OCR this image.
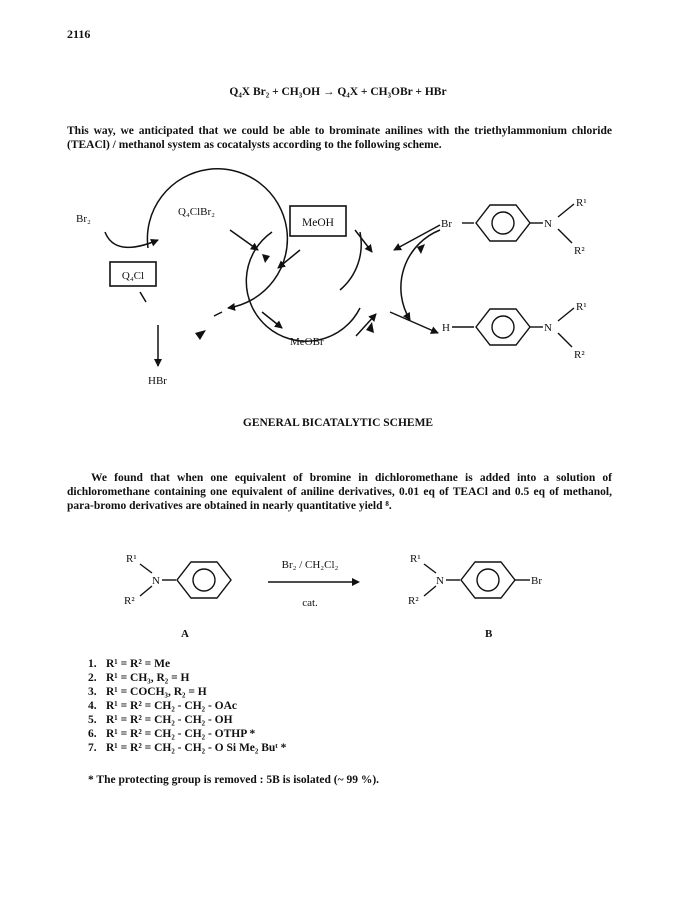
2116
Q₄X Br₂ + CH₃OH → Q₄X + CH₃OBr + HBr
This way, we anticipated that we could be able to brominate anilines with the triethylammonium chloride (TEACl) / methanol system as cocatalysts according to the following scheme.
Br₂
Q₄ClBr₂
MeOH
Q₄Cl
MeOBr
HBr
Br	N
R¹
R²
H	N
R¹
R²
GENERAL BICATALYTIC SCHEME
We found that when one equivalent of bromine in dichloromethane is added into a solution of dichloromethane containing one equivalent of aniline derivatives, 0.01 eq of TEACl and 0.5 eq of methanol, para-bromo derivatives are obtained in nearly quantitative yield ⁸.
R¹
R²
N
Br₂ / CH₂Cl₂
cat.
R¹
R²
N	Br
A	B
1. R¹ = R² = Me
2. R¹ = CH₃, R₂ = H
3. R¹ = COCH₃, R₂ = H
4. R¹ = R² = CH₂ - CH₂ - OAc
5. R¹ = R² = CH₂ - CH₂ - OH
6. R¹ = R² = CH₂ - CH₂ - OTHP *
7. R¹ = R² = CH₂ - CH₂ - O Si Me₂ Buᵗ *
* The protecting group is removed : 5B is isolated (~ 99 %).
